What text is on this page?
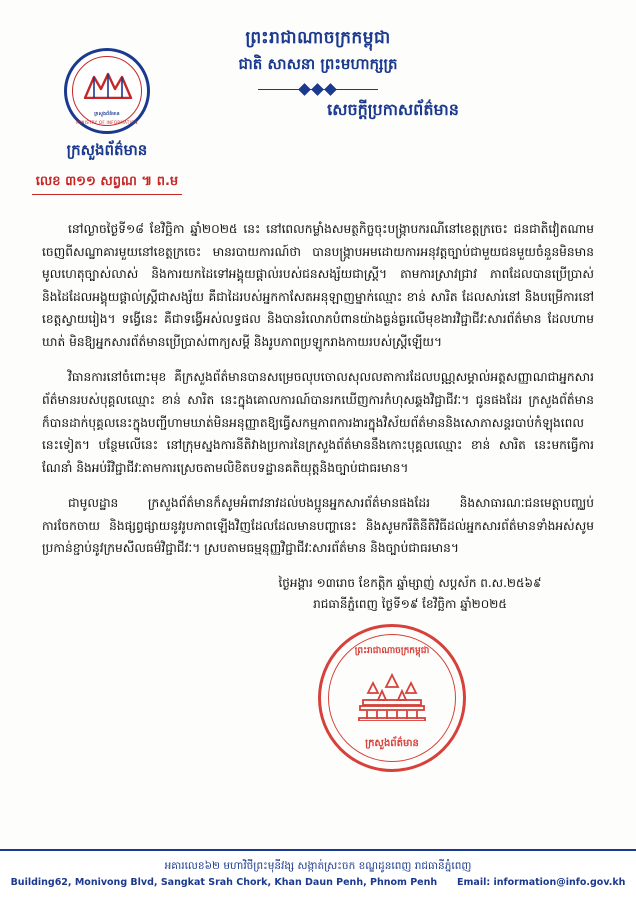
ព្រះរាជាណាចក្រកម្ពុជា
ជាតិ សាសនា ព្រះមហាក្សត្រ
ក្រសួងព័ត៌មាន
MINISTRY OF INFORMATION
ក្រសួងព័ត៌មាន
លេខ ៣១១ សព្វណ ៕ ព.ម
សេចក្តីប្រកាសព័ត៌មាន

នៅល្ងាចថ្ងៃទី១៨ ខែវិច្ឆិកា ឆ្នាំ២០២៥ នេះ នៅពេលកម្លាំងសមត្ថកិច្ចចុះបង្ក្រាបករណីនៅខេត្តក្រចេះ ជនជាតិវៀតណាម ចេញពីសណ្ឋាគារមួយនៅខេត្តក្រចេះ មានរបាយការណ៍ថា បានបង្ក្រាបអមដោយការអនុវត្តច្បាប់ជាមួយជនមួយចំនួនមិនមានមូលហេតុច្បាស់លាស់ និងការយកដៃទៅអង្គុយផ្តាល់របស់ជនសង្ស័យជាស្ត្រី។ តាមការស្រាវជ្រាវ ភាពដែលបានប្រើប្រាស់ និងដៃដែលអង្គុយផ្តាល់ស្ត្រីជាសង្ស័យ គឺជាដៃរបស់អ្នកកាសែតអនុឡាញម្នាក់ឈ្មោះ ខាន់ សារិត ដែលសារ់នៅ និងបម្រើការនៅខេត្តស្វាយរៀង។ ទង្វើនេះ គឺជាទង្វើអស់លទ្ធផល និងបានរំលោភបំពានយ៉ាងធ្ងន់ធ្ងរលើមុខងារវិជ្ជាជីវៈសារព័ត៌មាន ដែលហាមឃាត់ មិនឱ្យអ្នកសារព័ត៌មានប្រើប្រាស់ពាក្យសម្ដី និងរូបភាពប្រឡូករាងកាយរបស់ស្ត្រីឡើយ។

វិធានការនៅចំពោះមុខ គឺក្រសួងព័ត៌មានបានសម្រេចលុបចោលសុលលតាការដែលបណ្ណសម្គាល់អត្តសញ្ញាណជាអ្នកសារព័ត៌មានរបស់បុគ្គលឈ្មោះ ខាន់ សារិត នេះក្នុងគោលការណ៍បានរកឃើញការកំហុសឆ្គងវិជ្ជាជីវៈ។ ជូនផងដែរ ក្រសួងព័ត៌មាន ក៏បានដាក់បុគ្គលនេះក្នុងបញ្ជីហាមឃាត់មិនអនុញ្ញាតឱ្យធ្វើសកម្មភាពការងារក្នុងវិស័យព័ត៌មាននិងសោភាសន្តរបាប់កំឡុងពេលនេះទៀត។ បន្ថែមលើនេះ នៅក្រុមស្នងការនីតិវាងប្រការនៃក្រសួងព័ត៌មាននឹងកោះបុគ្គលឈ្មោះ ខាន់ សារិត នេះមកធ្វើការណែនាំ និងអប់រំវិជ្ជាជីវៈតាមការស្រេចតាមលិខិតបទដ្ឋានគតិយុត្តនិងច្បាប់ជាធរមាន។

ជាមូលដ្ឋាន ក្រសួងព័ត៌មានក៏សូមអំពាវនាវដល់បងប្អូនអ្នកសារព័ត៌មានផងដែរ និងសាធារណៈជនមេត្តាបញ្ឈប់ការចែកចាយ និងផ្សព្វផ្សាយនូវរូបភាពឡើងវិញដែលដែលមានបញ្ហានេះ និងសូមករឹតិនីតិវិធីដល់អ្នកសារព័ត៌មានទាំងអស់សូមប្រកាន់ខ្ជាប់នូវក្រមសីលធម៌វិជ្ជាជីវៈ។ ស្របតាមធម្មនុញ្ញវិជ្ជាជីវៈសារព័ត៌មាន និងច្បាប់ជាធរមាន។

ថ្ងៃអង្គារ ១៣រោច ខែកត្តិក ឆ្នាំម្សាញ់ សប្តស័ក ព.ស.២៥៦៩
រាជធានីភ្នំពេញ ថ្ងៃទី១៩ ខែវិច្ឆិកា ឆ្នាំ២០២៥
ព្រះរាជាណាចក្រកម្ពុជា
ក្រសួងព័ត៌មាន
អគារលេខ៦២ មហាវិថីព្រះមុនីវង្ស សង្កាត់ស្រះចក ខណ្ឌដូនពេញ រាជធានីភ្នំពេញ
Building62, Monivong Blvd, Sangkat Srah Chork, Khan Daun Penh, Phnom Penh Email: information@info.gov.kh
